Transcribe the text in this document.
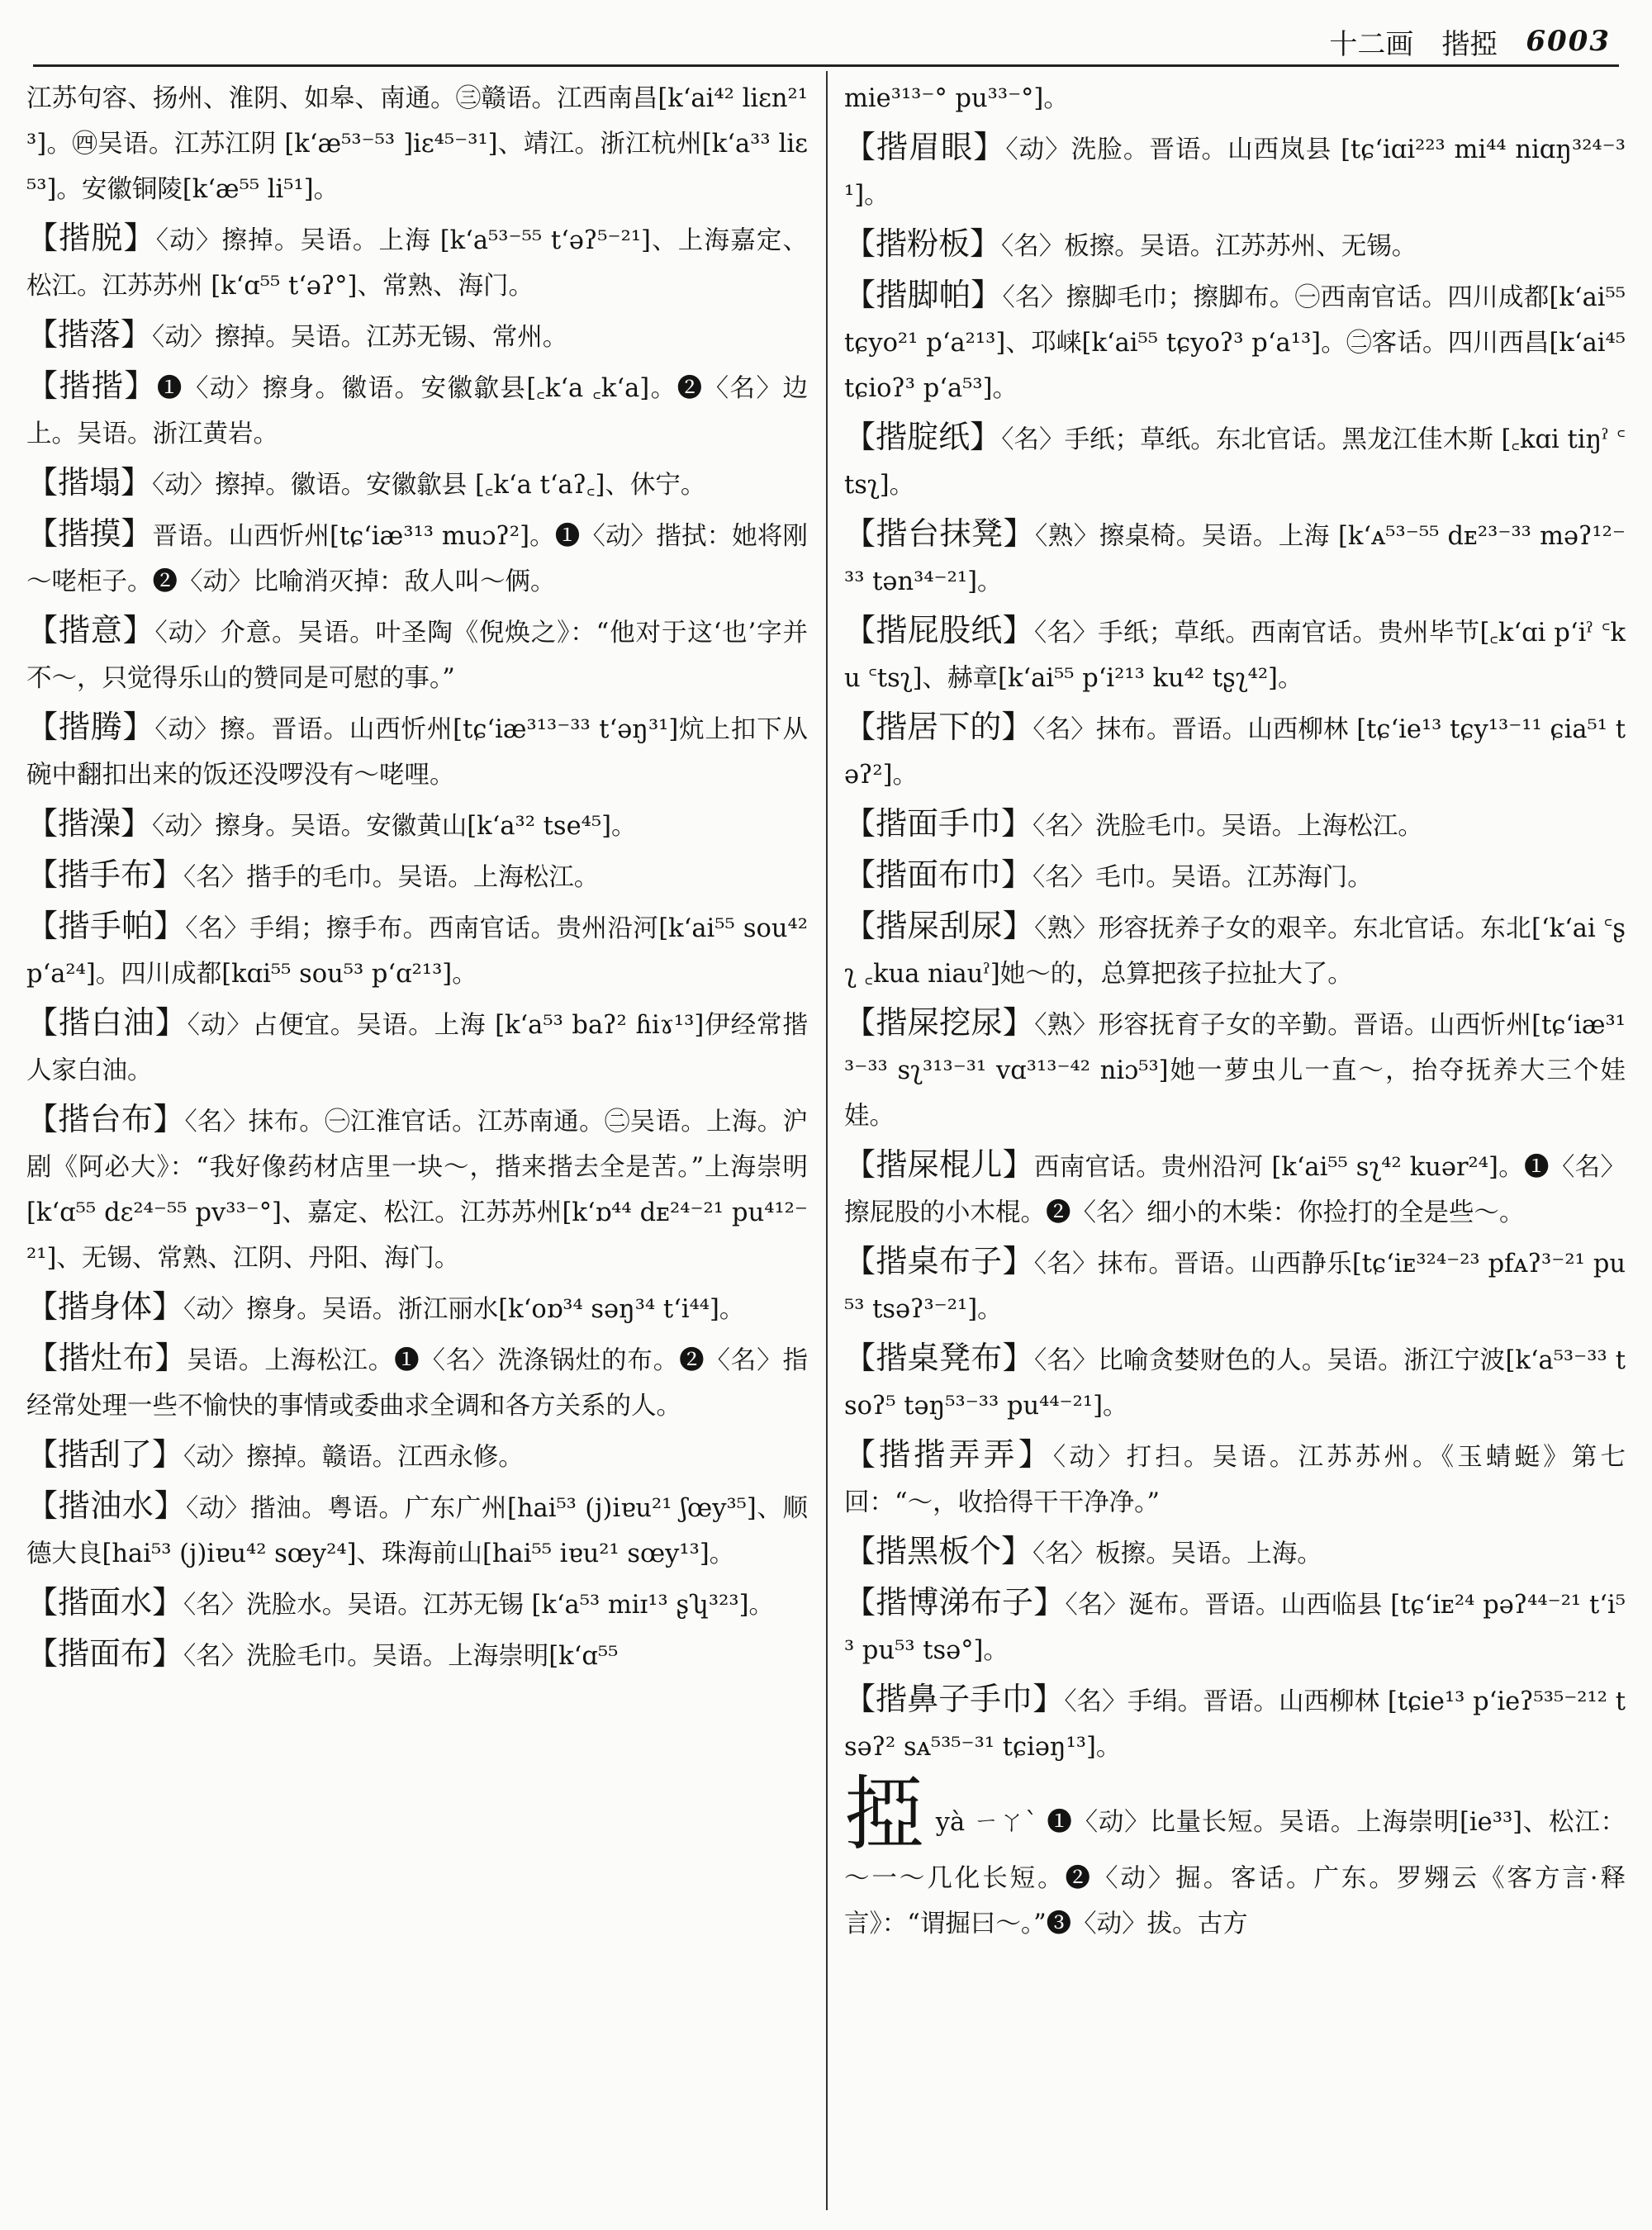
十二画 揩掗 6003

江苏句容、扬州、淮阴、如皋、南通。㊂赣语。江西南昌[kʻai⁴² liɛn²¹³]。㊃吴语。江苏江阴 [kʻæ⁵³⁻⁵³ ]iɛ⁴⁵⁻³¹]、靖江。浙江杭州[kʻa³³ liɛ⁵³]。安徽铜陵[kʻæ⁵⁵ li⁵¹]。

【揩脱】〈动〉擦掉。吴语。上海 [kʻa⁵³⁻⁵⁵ tʻəʔ⁵⁻²¹]、上海嘉定、松江。江苏苏州 [kʻɑ⁵⁵ tʻəʔ°]、常熟、海门。

【揩落】〈动〉擦掉。吴语。江苏无锡、常州。

【揩揩】❶〈动〉擦身。徽语。安徽歙县[꜀kʻa ꜀kʻa]。❷〈名〉边上。吴语。浙江黄岩。

【揩塌】〈动〉擦掉。徽语。安徽歙县 [꜀kʻa tʻaʔ꜀]、休宁。

【揩摸】晋语。山西忻州[tɕʻiæ³¹³ muɔʔ²]。❶〈动〉揩拭：她将刚～咾柜子。❷〈动〉比喻消灭掉：敌人叫～俩。

【揩意】〈动〉介意。吴语。叶圣陶《倪焕之》：“他对于这‘也’字并不～，只觉得乐山的赞同是可慰的事。”

【揩腾】〈动〉擦。晋语。山西忻州[tɕʻiæ³¹³⁻³³ tʻəŋ³¹]炕上扣下从碗中翻扣出来的饭还没啰没有～咾哩。

【揩澡】〈动〉擦身。吴语。安徽黄山[kʻa³² tse⁴⁵]。

【揩手布】〈名〉揩手的毛巾。吴语。上海松江。

【揩手帕】〈名〉手绢；擦手布。西南官话。贵州沿河[kʻai⁵⁵ sou⁴² pʻa²⁴]。四川成都[kɑi⁵⁵ sou⁵³ pʻɑ²¹³]。

【揩白油】〈动〉占便宜。吴语。上海 [kʻa⁵³ baʔ² ɦiɤ¹³]伊经常揩人家白油。

【揩台布】〈名〉抹布。㊀江淮官话。江苏南通。㊁吴语。上海。沪剧《阿必大》：“我好像药材店里一块～，揩来揩去全是苦。”上海崇明[kʻɑ⁵⁵ dɛ²⁴⁻⁵⁵ pv³³⁻°]、嘉定、松江。江苏苏州[kʻɒ⁴⁴ dᴇ²⁴⁻²¹ pu⁴¹²⁻²¹]、无锡、常熟、江阴、丹阳、海门。

【揩身体】〈动〉擦身。吴语。浙江丽水[kʻoɒ³⁴ səŋ³⁴ tʻi⁴⁴]。

【揩灶布】吴语。上海松江。❶〈名〉洗涤锅灶的布。❷〈名〉指经常处理一些不愉快的事情或委曲求全调和各方关系的人。

【揩刮了】〈动〉擦掉。赣语。江西永修。

【揩油水】〈动〉揩油。粤语。广东广州[hai⁵³ (j)iɐu²¹ ʃœy³⁵]、顺德大良[hai⁵³ (j)iɐu⁴² sœy²⁴]、珠海前山[hai⁵⁵ iɐu²¹ sœy¹³]。

【揩面水】〈名〉洗脸水。吴语。江苏无锡 [kʻa⁵³ miɪ¹³ ʂʮ³²³]。

【揩面布】〈名〉洗脸毛巾。吴语。上海崇明[kʻɑ⁵⁵

mie³¹³⁻° pu³³⁻°]。

【揩眉眼】〈动〉洗脸。晋语。山西岚县 [tɕʻiɑi²²³ mi⁴⁴ niɑŋ³²⁴⁻³¹]。

【揩粉板】〈名〉板擦。吴语。江苏苏州、无锡。

【揩脚帕】〈名〉擦脚毛巾；擦脚布。㊀西南官话。四川成都[kʻai⁵⁵ tɕyo²¹ pʻa²¹³]、邛崃[kʻai⁵⁵ tɕyoʔ³ pʻa¹³]。㊁客话。四川西昌[kʻai⁴⁵ tɕioʔ³ pʻa⁵³]。

【揩腚纸】〈名〉手纸；草纸。东北官话。黑龙江佳木斯 [꜀kɑi tiŋˀ ꜂tsʅ]。

【揩台抹凳】〈熟〉擦桌椅。吴语。上海 [kʻᴀ⁵³⁻⁵⁵ dᴇ²³⁻³³ məʔ¹²⁻³³ tən³⁴⁻²¹]。

【揩屁股纸】〈名〉手纸；草纸。西南官话。贵州毕节[꜀kʻɑi pʻiˀ ꜂ku ꜂tsʅ]、赫章[kʻai⁵⁵ pʻi²¹³ ku⁴² tʂʅ⁴²]。

【揩居下的】〈名〉抹布。晋语。山西柳林 [tɕʻie¹³ tɕy¹³⁻¹¹ ɕia⁵¹ təʔ²]。

【揩面手巾】〈名〉洗脸毛巾。吴语。上海松江。

【揩面布巾】〈名〉毛巾。吴语。江苏海门。

【揩屎刮尿】〈熟〉形容抚养子女的艰辛。东北官话。东北[ʻkʻai ꜂ʂʅ ꜀kua niauˀ]她～的，总算把孩子拉扯大了。

【揩屎挖尿】〈熟〉形容抚育子女的辛勤。晋语。山西忻州[tɕʻiæ³¹³⁻³³ sʅ³¹³⁻³¹ vɑ³¹³⁻⁴² niɔ⁵³]她一萝虫儿一直～，抬夺抚养大三个娃娃。

【揩屎棍儿】西南官话。贵州沿河 [kʻai⁵⁵ sʅ⁴² kuər²⁴]。❶〈名〉擦屁股的小木棍。❷〈名〉细小的木柴：你捡打的全是些～。

【揩桌布子】〈名〉抹布。晋语。山西静乐[tɕʻiᴇ³²⁴⁻²³ pfᴀʔ³⁻²¹ pu⁵³ tsəʔ³⁻²¹]。

【揩桌凳布】〈名〉比喻贪婪财色的人。吴语。浙江宁波[kʻa⁵³⁻³³ tsoʔ⁵ təŋ⁵³⁻³³ pu⁴⁴⁻²¹]。

【揩揩弄弄】〈动〉打扫。吴语。江苏苏州。《玉蜻蜓》第七回：“～，收拾得干干净净。”

【揩黑板个】〈名〉板擦。吴语。上海。

【揩博涕布子】〈名〉涎布。晋语。山西临县 [tɕʻiᴇ²⁴ pəʔ⁴⁴⁻²¹ tʻi⁵³ pu⁵³ tsə°]。

【揩鼻子手巾】〈名〉手绢。晋语。山西柳林 [tɕie¹³ pʻieʔ⁵³⁵⁻²¹² tsəʔ² sᴀ⁵³⁵⁻³¹ tɕiəŋ¹³]。

掗yà ㄧㄚˋ ❶〈动〉比量长短。吴语。上海崇明[ie³³]、松江：～一～几化长短。❷〈动〉掘。客话。广东。罗翙云《客方言·释言》：“谓掘曰～。”❸〈动〉拔。古方
